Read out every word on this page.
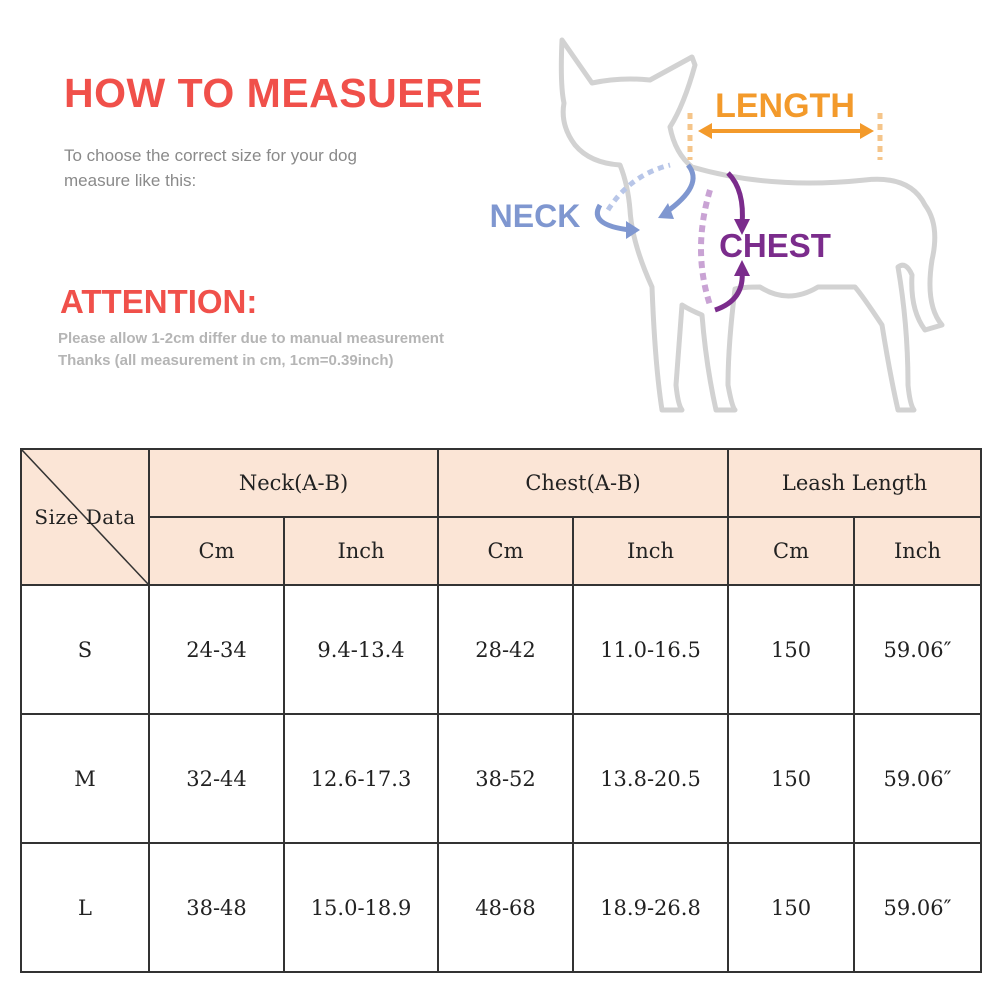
HOW TO MEASUERE
To choose the correct size for your dog
measure like this:
ATTENTION:
Please allow 1-2cm differ due to manual measurement
Thanks (all measurement in cm, 1cm=0.39inch)
LENGTH
NECK
CHEST
Size Data	Neck(A-B)		Chest(A-B)		Leash Length	
	Cm	Inch	Cm	Inch	Cm	Inch
S	24-34	9.4-13.4	28-42	11.0-16.5	150	59.06″
M	32-44	12.6-17.3	38-52	13.8-20.5	150	59.06″
L	38-48	15.0-18.9	48-68	18.9-26.8	150	59.06″
